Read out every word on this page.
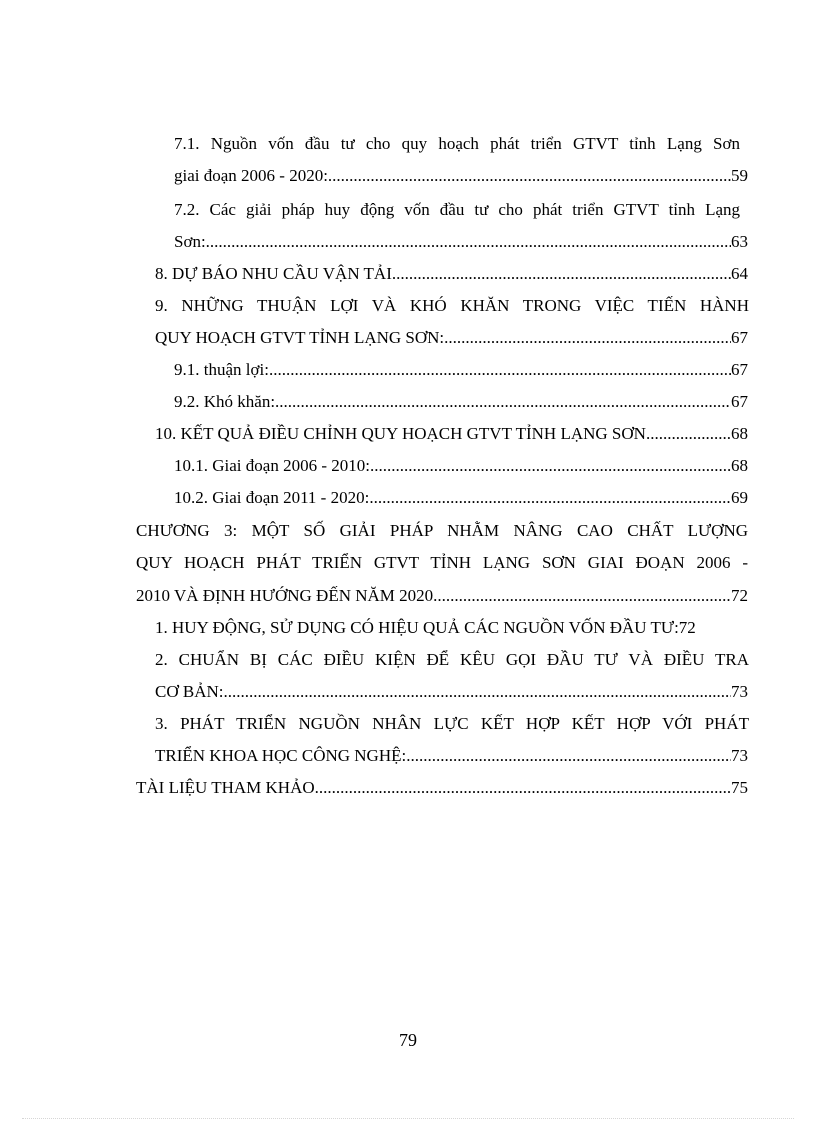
7.1. Nguồn vốn đầu tư cho quy hoạch phát triển GTVT tỉnh Lạng Sơn
giai đoạn 2006 - 2020: .....	59
7.2. Các giải pháp huy động vốn đầu tư cho phát triển GTVT tỉnh Lạng
Sơn: .....	63
8. DỰ BÁO NHU CẦU VẬN TẢI .....	64
9. NHỮNG THUẬN LỢI VÀ KHÓ KHĂN TRONG VIỆC TIẾN HÀNH
QUY HOẠCH GTVT TỈNH LẠNG SƠN: .....	67
9.1. thuận lợi: .....	67
9.2. Khó khăn: .....	67
10. KẾT QUẢ ĐIỀU CHỈNH QUY HOẠCH GTVT TỈNH LẠNG SƠN .....	68
10.1. Giai đoạn 2006 - 2010: .....	68
10.2. Giai đoạn 2011 - 2020: .....	69
CHƯƠNG 3: MỘT SỐ GIẢI PHÁP NHẰM NÂNG CAO CHẤT LƯỢNG
QUY HOẠCH PHÁT TRIỂN GTVT TỈNH LẠNG SƠN GIAI ĐOẠN 2006 -
2010 VÀ ĐỊNH HƯỚNG ĐẾN NĂM 2020 .....	72
1. HUY ĐỘNG, SỬ DỤNG CÓ HIỆU QUẢ CÁC NGUỒN VỐN ĐẦU TƯ: 72
2. CHUẨN BỊ CÁC ĐIỀU KIỆN ĐỂ KÊU GỌI ĐẦU TƯ VÀ ĐIỀU TRA
CƠ BẢN: .....	73
3. PHÁT TRIỂN NGUỒN NHÂN LỰC KẾT HỢP KẾT HỢP VỚI PHÁT
TRIỂN KHOA HỌC CÔNG NGHỆ: .....	73
TÀI LIỆU THAM KHẢO .....	75
79
